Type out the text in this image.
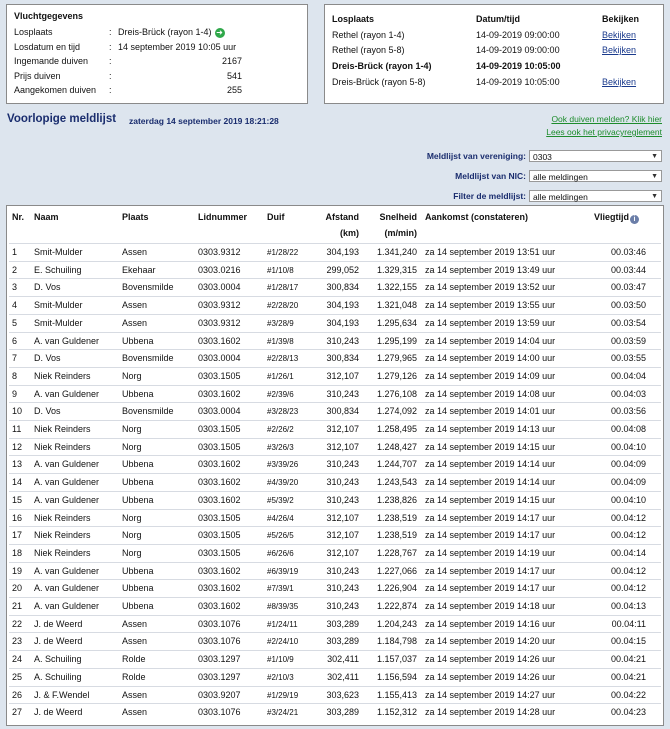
Vluchtgegevens
Losplaats	: Dreis-Brück (rayon 1-4) ➜
Losdatum en tijd	: 14 september 2019 10:05 uur
Ingemande duiven	:	2167
Prijs duiven	:	541
Aangekomen duiven	:	255
Losplaats	Datum/tijd	Bekijken
Rethel (rayon 1-4)	14-09-2019 09:00:00	Bekijken
Rethel (rayon 5-8)	14-09-2019 09:00:00	Bekijken
Dreis-Brück (rayon 1-4)	14-09-2019 10:05:00
Dreis-Brück (rayon 5-8)	14-09-2019 10:05:00	Bekijken
Voorlopige meldlijst zaterdag 14 september 2019 18:21:28	Ook duiven melden? Klik hier
Lees ook het privacyreglement
Meldlijst van vereniging: 0303	▼
Meldlijst van NIC: alle meldingen	▼
Filter de meldlijst: alle meldingen	▼
Nr. Naam	Plaats	Lidnummer Duif	Afstand
(km)
Snelheid
(m/min)
Aankomst (constateren)	Vliegtijd i
1 Smit-Mulder	Assen	0303.9312	#1/28/22	304,193	1.341,240 za 14 september 2019 13:51 uur	00.03:46
2 E. Schuiling	Ekehaar	0303.0216	#1/10/8	299,052	1.329,315 za 14 september 2019 13:49 uur	00.03:44
3 D. Vos	Bovensmilde	0303.0004	#1/28/17	300,834	1.322,155 za 14 september 2019 13:52 uur	00.03:47
4 Smit-Mulder	Assen	0303.9312	#2/28/20	304,193	1.321,048 za 14 september 2019 13:55 uur	00.03:50
5 Smit-Mulder	Assen	0303.9312	#3/28/9	304,193	1.295,634 za 14 september 2019 13:59 uur	00.03:54
6 A. van Guldener	Ubbena	0303.1602	#1/39/8	310,243	1.295,199 za 14 september 2019 14:04 uur	00.03:59
7 D. Vos	Bovensmilde	0303.0004	#2/28/13	300,834	1.279,965 za 14 september 2019 14:00 uur	00.03:55
8 Niek Reinders	Norg	0303.1505	#1/26/1	312,107	1.279,126 za 14 september 2019 14:09 uur	00.04:04
9 A. van Guldener	Ubbena	0303.1602	#2/39/6	310,243	1.276,108 za 14 september 2019 14:08 uur	00.04:03
10 D. Vos	Bovensmilde	0303.0004	#3/28/23	300,834	1.274,092 za 14 september 2019 14:01 uur	00.03:56
11 Niek Reinders	Norg	0303.1505	#2/26/2	312,107	1.258,495 za 14 september 2019 14:13 uur	00.04:08
12 Niek Reinders	Norg	0303.1505	#3/26/3	312,107	1.248,427 za 14 september 2019 14:15 uur	00.04:10
13 A. van Guldener	Ubbena	0303.1602	#3/39/26	310,243	1.244,707 za 14 september 2019 14:14 uur	00.04:09
14 A. van Guldener	Ubbena	0303.1602	#4/39/20	310,243	1.243,543 za 14 september 2019 14:14 uur	00.04:09
15 A. van Guldener	Ubbena	0303.1602	#5/39/2	310,243	1.238,826 za 14 september 2019 14:15 uur	00.04:10
16 Niek Reinders	Norg	0303.1505	#4/26/4	312,107	1.238,519 za 14 september 2019 14:17 uur	00.04:12
17 Niek Reinders	Norg	0303.1505	#5/26/5	312,107	1.238,519 za 14 september 2019 14:17 uur	00.04:12
18 Niek Reinders	Norg	0303.1505	#6/26/6	312,107	1.228,767 za 14 september 2019 14:19 uur	00.04:14
19 A. van Guldener	Ubbena	0303.1602	#6/39/19	310,243	1.227,066 za 14 september 2019 14:17 uur	00.04:12
20 A. van Guldener	Ubbena	0303.1602	#7/39/1	310,243	1.226,904 za 14 september 2019 14:17 uur	00.04:12
21 A. van Guldener	Ubbena	0303.1602	#8/39/35	310,243	1.222,874 za 14 september 2019 14:18 uur	00.04:13
22 J. de Weerd	Assen	0303.1076	#1/24/11	303,289	1.204,243 za 14 september 2019 14:16 uur	00.04:11
23 J. de Weerd	Assen	0303.1076	#2/24/10	303,289	1.184,798 za 14 september 2019 14:20 uur	00.04:15
24 A. Schuiling	Rolde	0303.1297	#1/10/9	302,411	1.157,037 za 14 september 2019 14:26 uur	00.04:21
25 A. Schuiling	Rolde	0303.1297	#2/10/3	302,411	1.156,594 za 14 september 2019 14:26 uur	00.04:21
26 J. & F.Wendel	Assen	0303.9207	#1/29/19	303,623	1.155,413 za 14 september 2019 14:27 uur	00.04:22
27 J. de Weerd	Assen	0303.1076	#3/24/21	303,289	1.152,312 za 14 september 2019 14:28 uur	00.04:23
